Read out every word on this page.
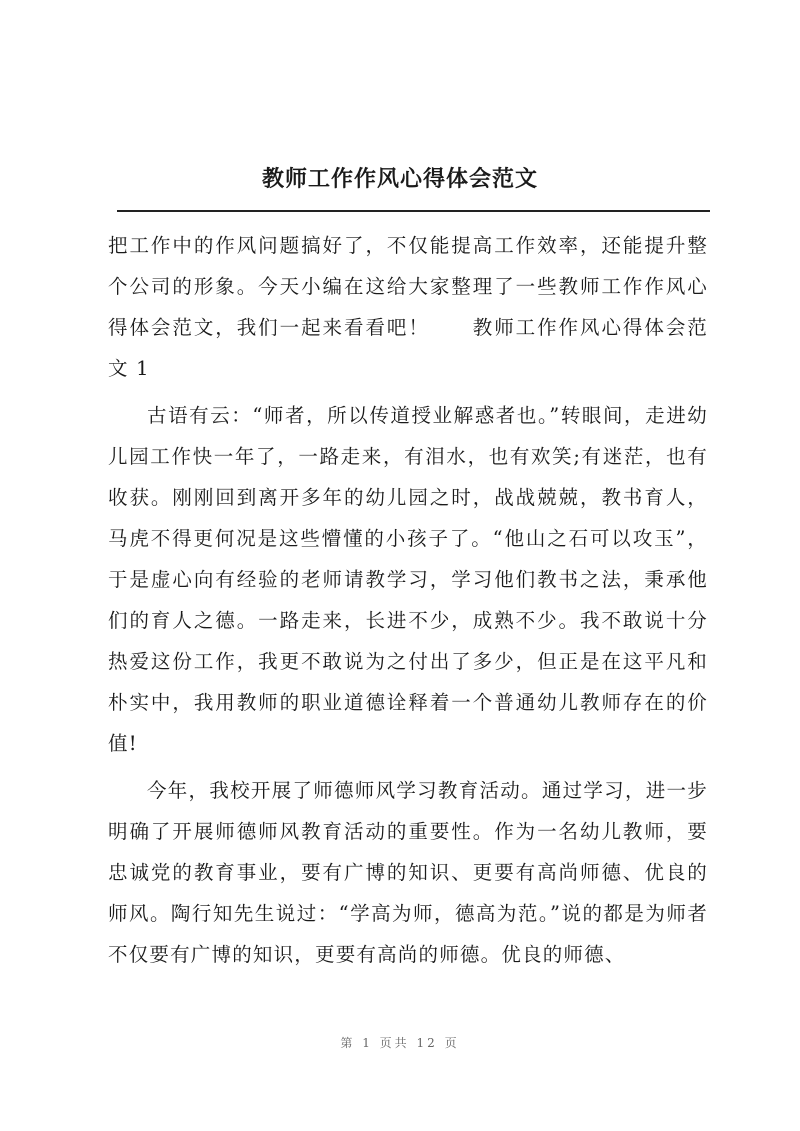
教师工作作风心得体会范文

把工作中的作风问题搞好了，不仅能提高工作效率，还能提升整个公司的形象。今天小编在这给大家整理了一些教师工作作风心得体会范文，我们一起来看看吧！　　教师工作作风心得体会范文 1

古语有云：“师者，所以传道授业解惑者也。”转眼间，走进幼儿园工作快一年了，一路走来，有泪水，也有欢笑;有迷茫，也有收获。刚刚回到离开多年的幼儿园之时，战战兢兢，教书育人，马虎不得更何况是这些懵懂的小孩子了。“他山之石可以攻玉”，于是虚心向有经验的老师请教学习，学习他们教书之法，秉承他们的育人之德。一路走来，长进不少，成熟不少。我不敢说十分热爱这份工作，我更不敢说为之付出了多少，但正是在这平凡和朴实中，我用教师的职业道德诠释着一个普通幼儿教师存在的价值!

今年，我校开展了师德师风学习教育活动。通过学习，进一步明确了开展师德师风教育活动的重要性。作为一名幼儿教师，要忠诚党的教育事业，要有广博的知识、更要有高尚师德、优良的师风。陶行知先生说过：“学高为师，德高为范。”说的都是为师者不仅要有广博的知识，更要有高尚的师德。优良的师德、

第 1 页共 12 页
